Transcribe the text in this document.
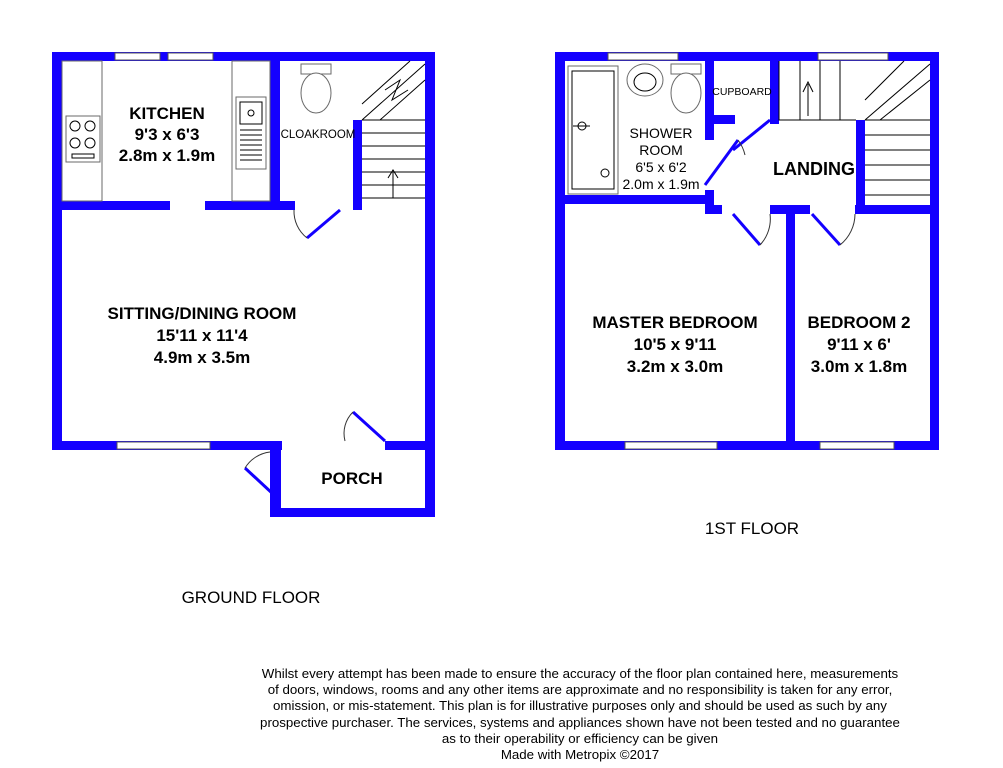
KITCHEN
9'3 x 6'3
2.8m x 1.9m
CLOAKROOM
SITTING/DINING ROOM
15'11 x 11'4
4.9m x 3.5m
PORCH
GROUND FLOOR
SHOWER
ROOM
6'5 x 6'2
2.0m x 1.9m
CUPBOARD
LANDING
MASTER BEDROOM
10'5 x 9'11
3.2m x 3.0m
BEDROOM 2
9'11 x 6'
3.0m x 1.8m
1ST FLOOR
Whilst every attempt has been made to ensure the accuracy of the floor plan contained here, measurements
of doors, windows, rooms and any other items are approximate and no responsibility is taken for any error,
omission, or mis-statement. This plan is for illustrative purposes only and should be used as such by any
prospective purchaser. The services, systems and appliances shown have not been tested and no guarantee
as to their operability or efficiency can be given
Made with Metropix ©2017
